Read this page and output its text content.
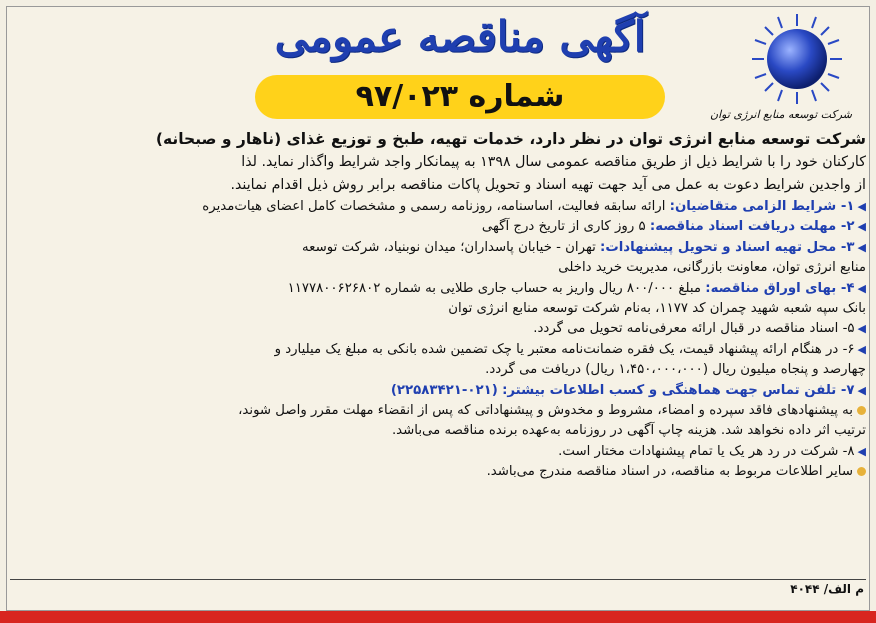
شرکت توسعه منابع انرژی توان
آگهی مناقصه عمومی
شماره ۹۷/۰۲۳
شرکت توسعه منابع انرژی توان در نظر دارد، خدمات تهیه، طبخ و توزیع غذای (ناهار و صبحانه)
کارکنان خود را با شرایط ذیل از طریق مناقصه عمومی سال ۱۳۹۸ به پیمانکار واجد شرایط واگذار نماید. لذا
از واجدین شرایط دعوت به عمل می آید جهت تهیه اسناد و تحویل پاکات مناقصه برابر روش ذیل اقدام نمایند.
◀۱- شرایط الزامی متقاضیان: ارائه سابقه فعالیت، اساسنامه، روزنامه رسمی و مشخصات کامل اعضای هیات‌مدیره
◀۲- مهلت دریافت اسناد مناقصه: ۵ روز کاری از تاریخ درج آگهی
◀۳- محل تهیه اسناد و تحویل پیشنهادات: تهران - خیابان پاسداران؛ میدان نوبنیاد، شرکت توسعه
منابع انرژی توان، معاونت بازرگانی، مدیریت خرید داخلی
◀۴- بهای اوراق مناقصه: مبلغ ۸۰۰/۰۰۰ ریال واریز به حساب جاری طلایی به شماره ۱۱۷۷۸۰۰۶۲۶۸۰۲
بانک سپه شعبه شهید چمران کد ۱۱۷۷، به‌نام شرکت توسعه منابع انرژی توان
◀۵- اسناد مناقصه در قبال ارائه معرفی‌نامه تحویل می گردد.
◀۶- در هنگام ارائه پیشنهاد قیمت، یک فقره ضمانت‌نامه معتبر یا چک تضمین شده بانکی به مبلغ یک میلیارد و
چهارصد و پنجاه میلیون ریال (۱،۴۵۰،۰۰۰،۰۰۰ ریال) دریافت می گردد.
◀۷- تلفن تماس جهت هماهنگی و کسب اطلاعات بیشتر: (۰۲۱-۲۲۵۸۳۴۲۱)
به پیشنهادهای فاقد سپرده و امضاء، مشروط و مخدوش و پیشنهاداتی که پس از انقضاء مهلت مقرر واصل شوند،
ترتیب اثر داده نخواهد شد. هزینه چاپ آگهی در روزنامه به‌عهده برنده مناقصه می‌باشد.
◀۸- شرکت در رد هر یک یا تمام پیشنهادات مختار است.
سایر اطلاعات مربوط به مناقصه، در اسناد مناقصه مندرج می‌باشد.
م الف/ ۴۰۴۴
